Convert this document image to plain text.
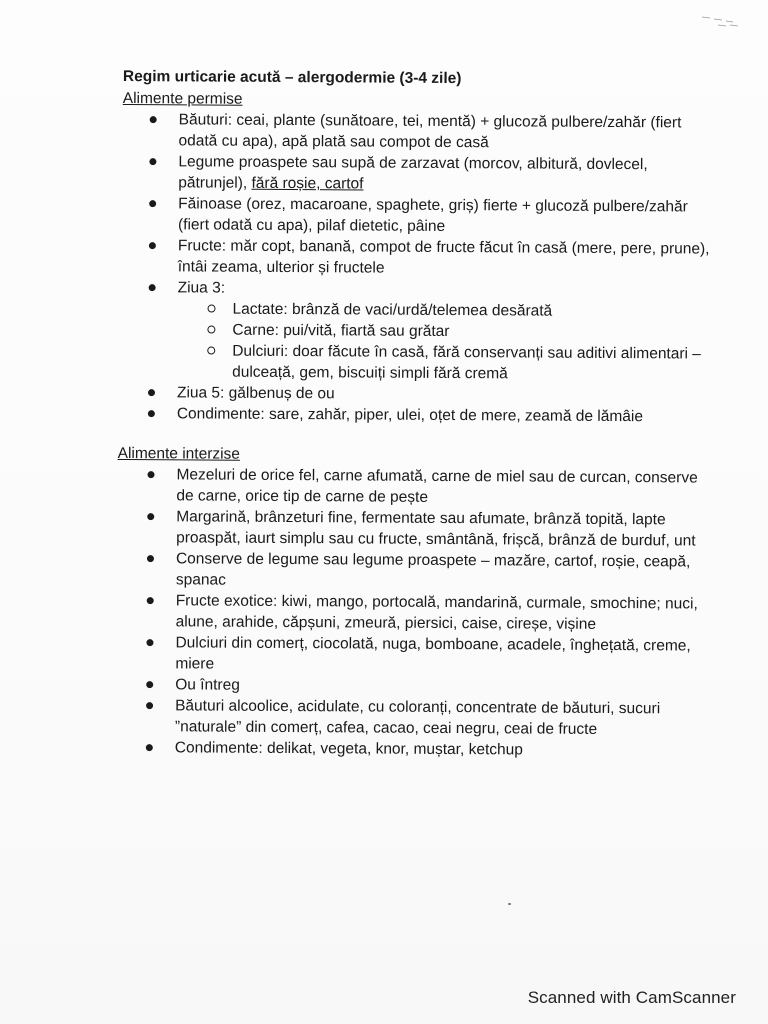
Regim urticarie acută – alergodermie (3-4 zile)

Alimente permise

Băuturi: ceai, plante (sunătoare, tei, mentă) + glucoză pulbere/zahăr (fiert odată cu apa), apă plată sau compot de casă
Legume proaspete sau supă de zarzavat (morcov, albitură, dovlecel, pătrunjel), fără roșie, cartof
Făinoase (orez, macaroane, spaghete, griș) fierte + glucoză pulbere/zahăr (fiert odată cu apa), pilaf dietetic, pâine
Fructe: măr copt, banană, compot de fructe făcut în casă (mere, pere, prune), întâi zeama, ulterior și fructele
Ziua 3:
Lactate: brânză de vaci/urdă/telemea desărată
Carne: pui/vită, fiartă sau grătar
Dulciuri: doar făcute în casă, fără conservanți sau aditivi alimentari – dulceață, gem, biscuiți simpli fără cremă
Ziua 5: gălbenuș de ou
Condimente: sare, zahăr, piper, ulei, oțet de mere, zeamă de lămâie

Alimente interzise

Mezeluri de orice fel, carne afumată, carne de miel sau de curcan, conserve de carne, orice tip de carne de pește
Margarină, brânzeturi fine, fermentate sau afumate, brânză topită, lapte proaspăt, iaurt simplu sau cu fructe, smântână, frișcă, brânză de burduf, unt
Conserve de legume sau legume proaspete – mazăre, cartof, roșie, ceapă, spanac
Fructe exotice: kiwi, mango, portocală, mandarină, curmale, smochine; nuci, alune, arahide, căpșuni, zmeură, piersici, caise, cireșe, vișine
Dulciuri din comerț, ciocolată, nuga, bomboane, acadele, înghețată, creme, miere
Ou întreg
Băuturi alcoolice, acidulate, cu coloranți, concentrate de băuturi, sucuri ”naturale” din comerț, cafea, cacao, ceai negru, ceai de fructe
Condimente: delikat, vegeta, knor, muștar, ketchup
Scanned with CamScanner
